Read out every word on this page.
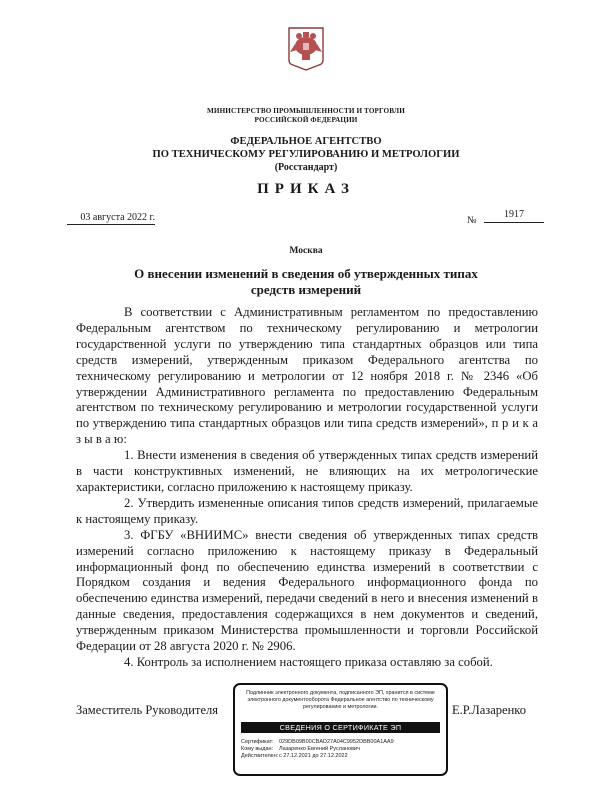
МИНИСТЕРСТВО ПРОМЫШЛЕННОСТИ И ТОРГОВЛИ
РОССИЙСКОЙ ФЕДЕРАЦИИ
ФЕДЕРАЛЬНОЕ АГЕНТСТВО
ПО ТЕХНИЧЕСКОМУ РЕГУЛИРОВАНИЮ И МЕТРОЛОГИИ
(Росстандарт)
ПРИКАЗ
03 августа 2022 г.	№
1917
Москва
О внесении изменений в сведения об утвержденных типах
средств измерений

В соответствии с Административным регламентом по предоставлению Федеральным агентством по техническому регулированию и метрологии государственной услуги по утверждению типа стандартных образцов или типа средств измерений, утвержденным приказом Федерального агентства по техническому регулированию и метрологии от 12 ноября 2018 г. № 2346 «Об утверждении Административного регламента по предоставлению Федеральным агентством по техническому регулированию и метрологии государственной услуги по утверждению типа стандартных образцов или типа средств измерений», п р и к а з ы в а ю:

1. Внести изменения в сведения об утвержденных типах средств измерений в части конструктивных изменений, не влияющих на их метрологические характеристики, согласно приложению к настоящему приказу.

2. Утвердить измененные описания типов средств измерений, прилагаемые к настоящему приказу.

3. ФГБУ «ВНИИМС» внести сведения об утвержденных типах средств измерений согласно приложению к настоящему приказу в Федеральный информационный фонд по обеспечению единства измерений в соответствии с Порядком создания и ведения Федерального информационного фонда по обеспечению единства измерений, передачи сведений в него и внесения изменений в данные сведения, предоставления содержащихся в нем документов и сведений, утвержденным приказом Министерства промышленности и торговли Российской Федерации от 28 августа 2020 г. № 2906.

4. Контроль за исполнением настоящего приказа оставляю за собой.

Заместитель Руководителя	Е.Р.Лазаренко
Подлинник электронного документа, подписанного ЭП, хранится в системе электронного документооборота Федеральное агентство по техническому регулированию и метрологии.
СВЕДЕНИЯ О СЕРТИФИКАТЕ ЭП
Сертификат: 029DB09B00CBAD27A04C9952DBB00A1AA9
Кому выдан: Лазаренко Евгений Русланович
Действителен:с 27.12.2021 до 27.12.2022
